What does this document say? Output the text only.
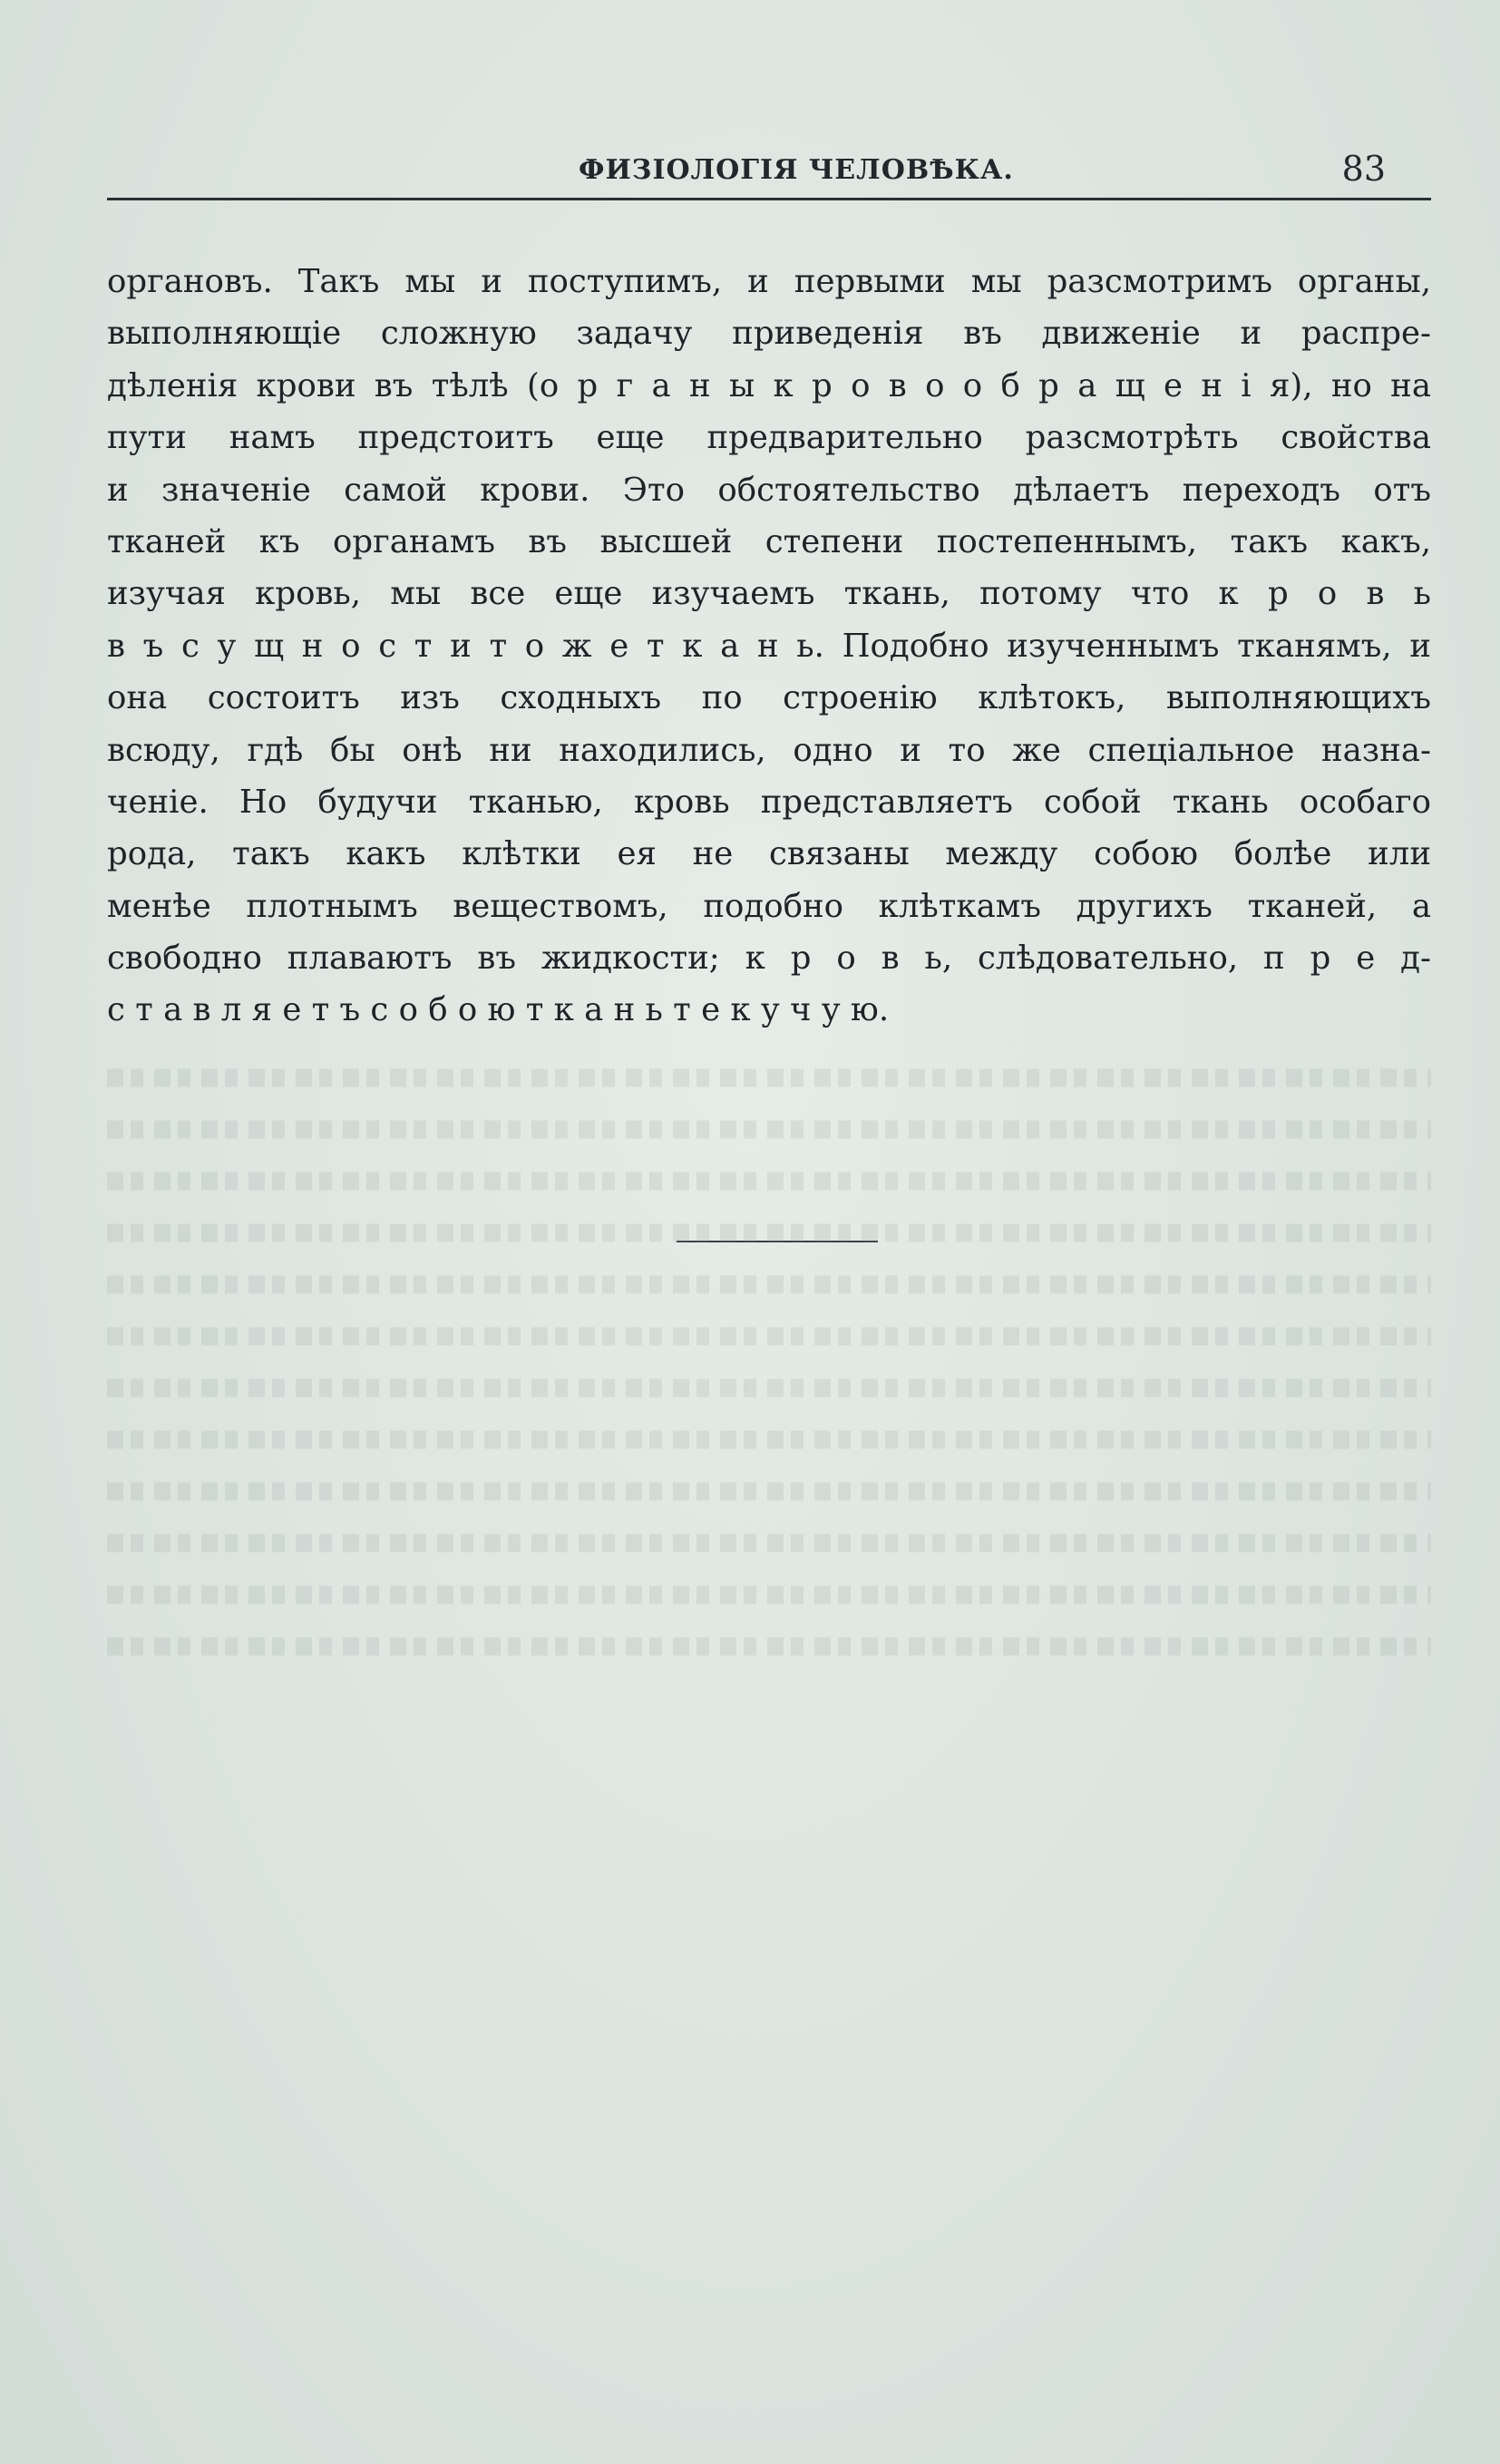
ФИЗІОЛОГІЯ ЧЕЛОВѢКА.	83
органовъ. Такъ мы и поступимъ, и первыми мы разсмотримъ органы,
выполняющіе сложную задачу приведенія въ движеніе и распре-
дѣленія крови въ тѣлѣ (о р г а н ы к р о в о о б р а щ е н і я), но на
пути намъ предстоитъ еще предварительно разсмотрѣть свойства
и значеніе самой крови. Это обстоятельство дѣлаетъ переходъ отъ
тканей къ органамъ въ высшей степени постепеннымъ, такъ какъ,
изучая кровь, мы все еще изучаемъ ткань, потому что к р о в ь
в ъ с у щ н о с т и т о ж е т к а н ь. Подобно изученнымъ тканямъ, и
она состоитъ изъ сходныхъ по строенію клѣтокъ, выполняющихъ
всюду, гдѣ бы онѣ ни находились, одно и то же спеціальное назна-
ченіе. Но будучи тканью, кровь представляетъ собой ткань особаго
рода, такъ какъ клѣтки ея не связаны между собою болѣе или
менѣе плотнымъ веществомъ, подобно клѣткамъ другихъ тканей, а
свободно плаваютъ въ жидкости; к р о в ь, слѣдовательно, п р е д-
с т а в л я е т ъ с о б о ю т к а н ь т е к у ч у ю.
